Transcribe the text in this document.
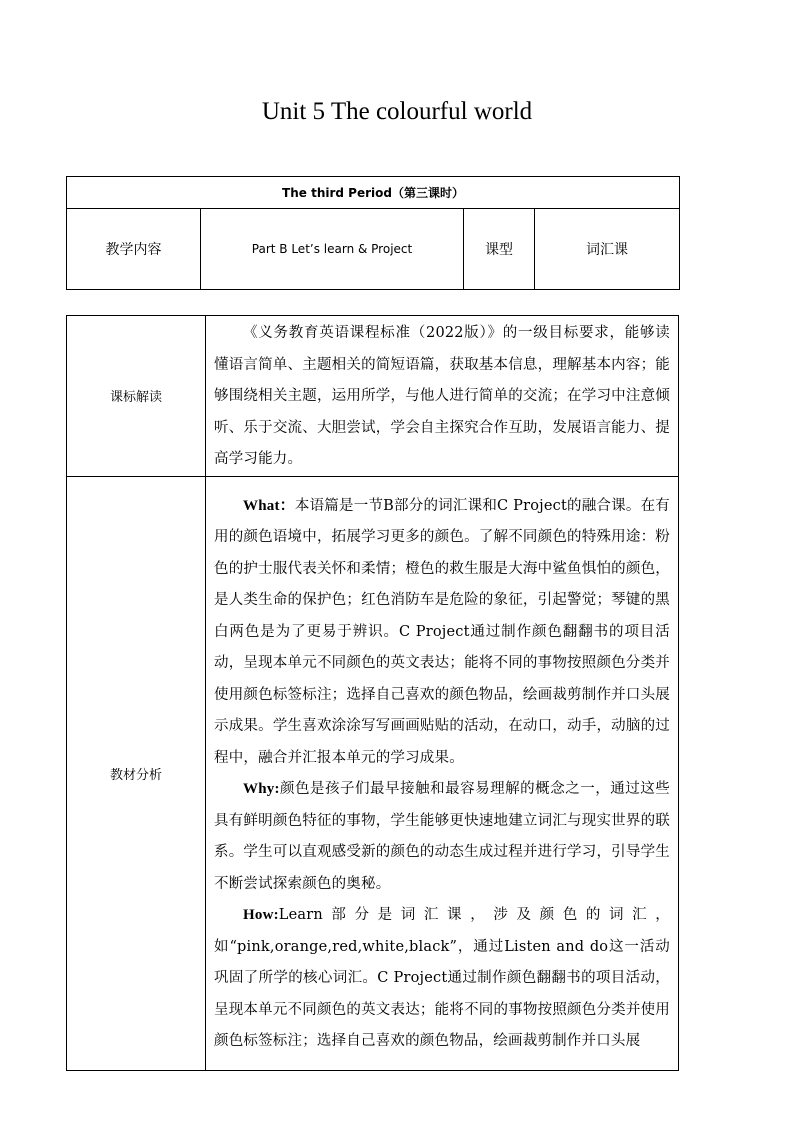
Unit 5 The colourful world
The third Period（第三课时）
教学内容	Part B Let’s learn & Project	课型	词汇课
课标解读	《义务教育英语课程标准（2022版）》的一级目标要求，能够读懂语言简单、主题相关的简短语篇，获取基本信息，理解基本内容；能够围绕相关主题，运用所学，与他人进行简单的交流；在学习中注意倾听、乐于交流、大胆尝试，学会自主探究合作互助，发展语言能力、提高学习能力。

教材分析	What：本语篇是一节B部分的词汇课和C Project的融合课。在有用的颜色语境中，拓展学习更多的颜色。了解不同颜色的特殊用途：粉色的护士服代表关怀和柔情；橙色的救生服是大海中鲨鱼惧怕的颜色，是人类生命的保护色；红色消防车是危险的象征，引起警觉；琴键的黑白两色是为了更易于辨识。C Project通过制作颜色翻翻书的项目活动，呈现本单元不同颜色的英文表达；能将不同的事物按照颜色分类并使用颜色标签标注；选择自己喜欢的颜色物品，绘画裁剪制作并口头展示成果。学生喜欢涂涂写写画画贴贴的活动，在动口，动手，动脑的过程中，融合并汇报本单元的学习成果。

Why:颜色是孩子们最早接触和最容易理解的概念之一，通过这些具有鲜明颜色特征的事物，学生能够更快速地建立词汇与现实世界的联系。学生可以直观感受新的颜色的动态生成过程并进行学习，引导学生不断尝试探索颜色的奥秘。

How:Learn部分是词汇课，涉及颜色的词汇，如“pink,orange,red,white,black”，通过Listen and do这一活动巩固了所学的核心词汇。C Project通过制作颜色翻翻书的项目活动，呈现本单元不同颜色的英文表达；能将不同的事物按照颜色分类并使用颜色标签标注；选择自己喜欢的颜色物品，绘画裁剪制作并口头展
